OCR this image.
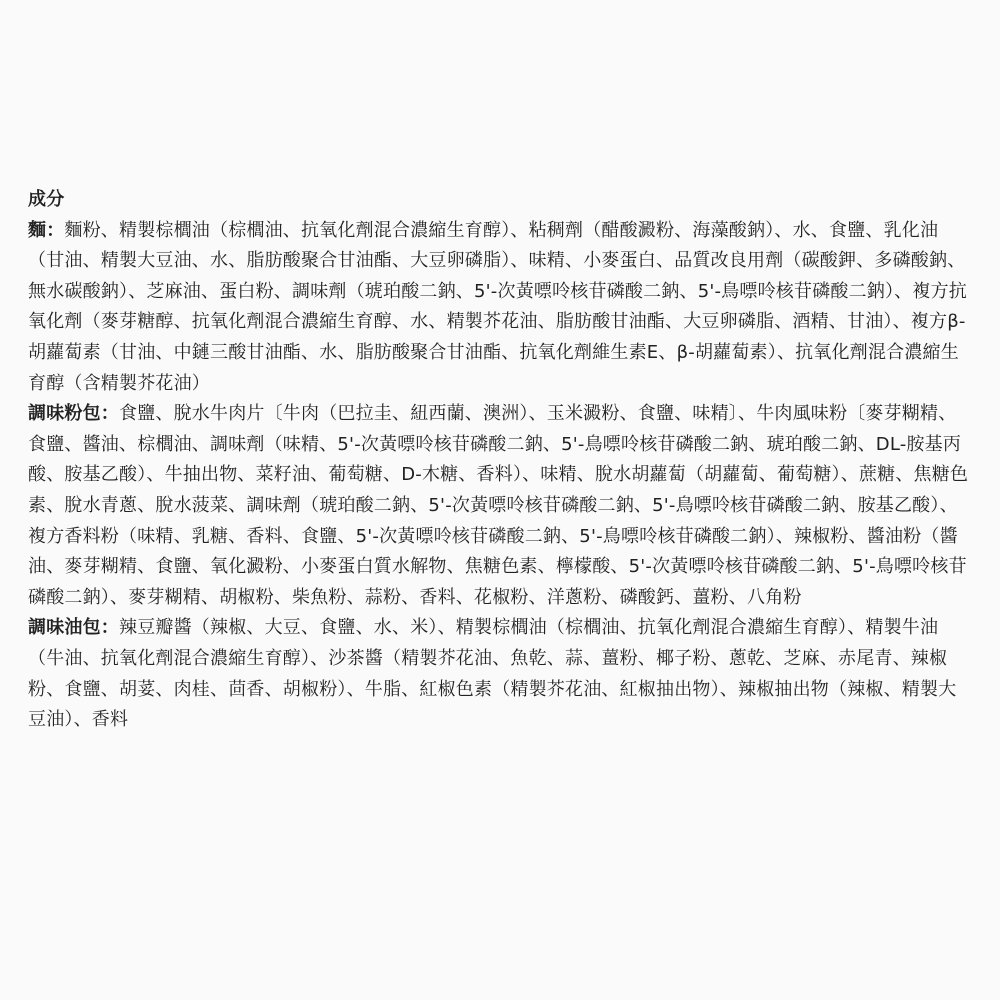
成分

麵：麵粉、精製棕櫚油（棕櫚油、抗氧化劑混合濃縮生育醇）、粘稠劑（醋酸澱粉、海藻酸鈉）、水、食鹽、乳化油（甘油、精製大豆油、水、脂肪酸聚合甘油酯、大豆卵磷脂）、味精、小麥蛋白、品質改良用劑（碳酸鉀、多磷酸鈉、無水碳酸鈉）、芝麻油、蛋白粉、調味劑（琥珀酸二鈉、5'-次黃嘌呤核苷磷酸二鈉、5'-鳥嘌呤核苷磷酸二鈉）、複方抗氧化劑（麥芽糖醇、抗氧化劑混合濃縮生育醇、水、精製芥花油、脂肪酸甘油酯、大豆卵磷脂、酒精、甘油）、複方β-胡蘿蔔素（甘油、中鏈三酸甘油酯、水、脂肪酸聚合甘油酯、抗氧化劑維生素E、β-胡蘿蔔素）、抗氧化劑混合濃縮生育醇（含精製芥花油）

調味粉包：食鹽、脫水牛肉片〔牛肉（巴拉圭、紐西蘭、澳洲）、玉米澱粉、食鹽、味精〕、牛肉風味粉〔麥芽糊精、食鹽、醬油、棕櫚油、調味劑（味精、5'-次黃嘌呤核苷磷酸二鈉、5'-鳥嘌呤核苷磷酸二鈉、琥珀酸二鈉、DL-胺基丙酸、胺基乙酸）、牛抽出物、菜籽油、葡萄糖、D-木糖、香料）、味精、脫水胡蘿蔔（胡蘿蔔、葡萄糖）、蔗糖、焦糖色素、脫水青蔥、脫水菠菜、調味劑（琥珀酸二鈉、5'-次黃嘌呤核苷磷酸二鈉、5'-鳥嘌呤核苷磷酸二鈉、胺基乙酸）、複方香料粉（味精、乳糖、香料、食鹽、5'-次黃嘌呤核苷磷酸二鈉、5'-鳥嘌呤核苷磷酸二鈉）、辣椒粉、醬油粉（醬油、麥芽糊精、食鹽、氧化澱粉、小麥蛋白質水解物、焦糖色素、檸檬酸、5'-次黃嘌呤核苷磷酸二鈉、5'-鳥嘌呤核苷磷酸二鈉）、麥芽糊精、胡椒粉、柴魚粉、蒜粉、香料、花椒粉、洋蔥粉、磷酸鈣、薑粉、八角粉

調味油包：辣豆瓣醬（辣椒、大豆、食鹽、水、米）、精製棕櫚油（棕櫚油、抗氧化劑混合濃縮生育醇）、精製牛油（牛油、抗氧化劑混合濃縮生育醇）、沙茶醬（精製芥花油、魚乾、蒜、薑粉、椰子粉、蔥乾、芝麻、赤尾青、辣椒粉、食鹽、胡荽、肉桂、茴香、胡椒粉）、牛脂、紅椒色素（精製芥花油、紅椒抽出物）、辣椒抽出物（辣椒、精製大豆油）、香料
